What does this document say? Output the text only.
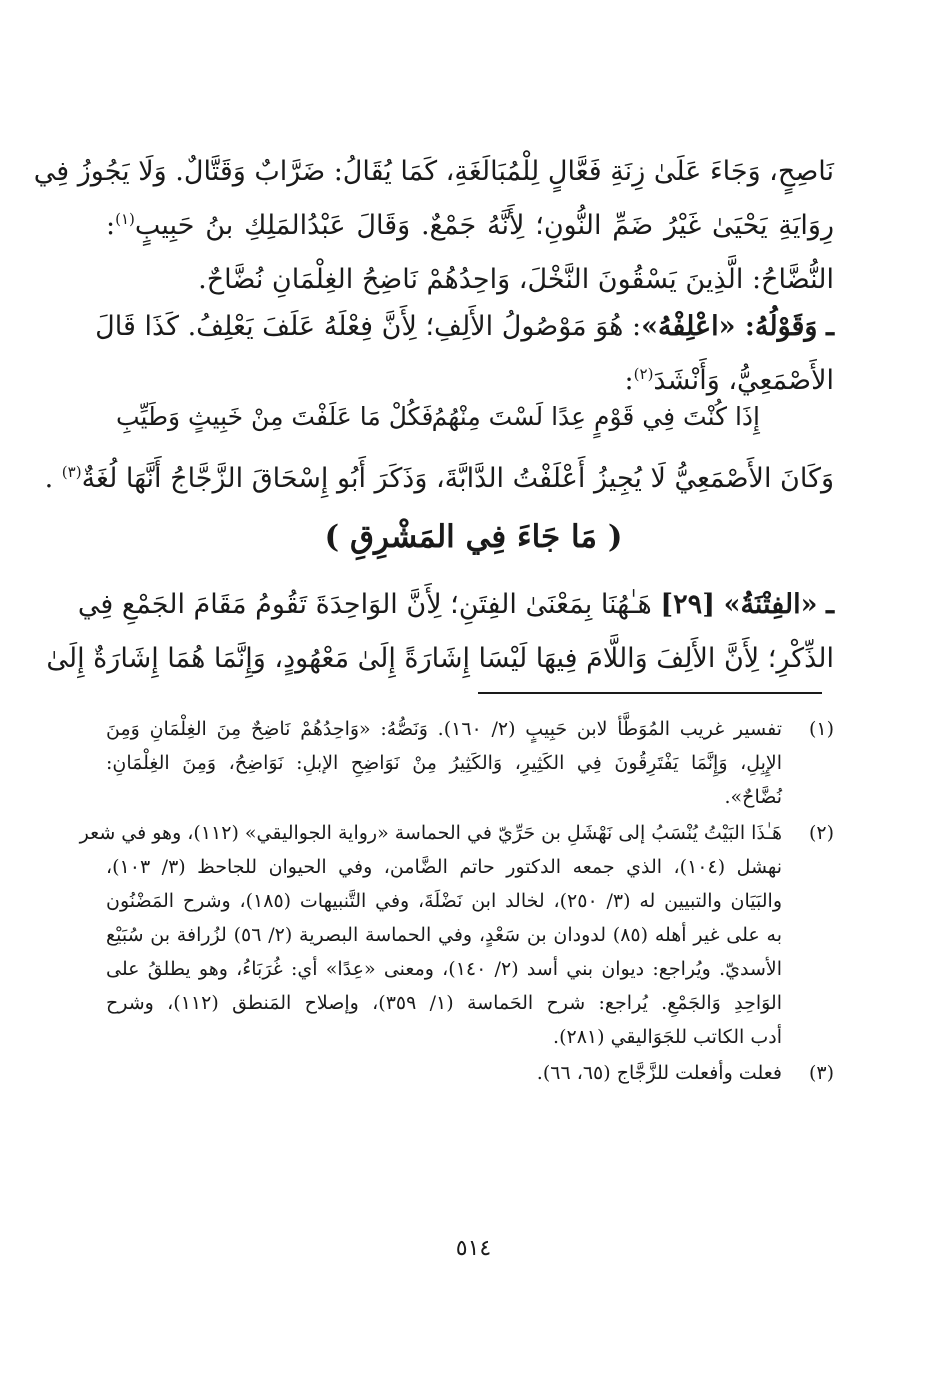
نَاصِحٍ، وَجَاءَ عَلَىٰ زِنَةِ فَعَّالٍ لِلْمُبَالَغَةِ، كَمَا يُقَالُ: ضَرَّابٌ وَقَتَّالٌ. وَلَا يَجُوزُ فِي
رِوَايَةِ يَحْيَىٰ غَيْرُ ضَمِّ النُّونِ؛ لِأَنَّهُ جَمْعٌ. وَقَالَ عَبْدُالمَلِكِ بنُ حَبِيبٍ$^{(١)}$:
النُّضَّاحُ: الَّذِينَ يَسْقُونَ النَّخْلَ، وَاحِدُهُمْ نَاضِحُ الغِلْمَانِ نُضَّاحٌ.
ـ وَقَوْلُهُ: «اعْلِفْهُ»: هُوَ مَوْصُولُ الأَلِفِ؛ لِأَنَّ فِعْلَهُ عَلَفَ يَعْلِفُ. كَذَا قَالَ
الأَصْمَعِيُّ، وَأَنْشَدَ$^{(٢)}$:
إِذَا كُنْتَ فِي قَوْمٍ عِدًا لَسْتَ مِنْهُمُ
فَكُلْ مَا عَلَفْتَ مِنْ خَبِيثٍ وَطَيِّبِ
وَكَانَ الأَصْمَعِيُّ لَا يُجِيزُ أَعْلَفْتُ الدَّابَّةَ، وَذَكَرَ أَبُو إِسْحَاقَ الزَّجَّاجُ أَنَّهَا لُغَةٌ$^{(٣)}$ .
( مَا جَاءَ فِي المَشْرِقِ )
ـ «الفِتْنَةُ» [٢٩] هَـٰهُنَا بِمَعْنَىٰ الفِتَنِ؛ لِأَنَّ الوَاحِدَةَ تَقُومُ مَقَامَ الجَمْعِ فِي
الذِّكْرِ؛ لِأَنَّ الأَلِفَ وَاللَّامَ فِيهَا لَيْسَا إِشَارَةً إِلَىٰ مَعْهُودٍ، وَإِنَّمَا هُمَا إِشَارَةٌ إِلَىٰ
(١)
تفسير غريب المُوَطَّأ لابن حَبِيبٍ (٢/ ١٦٠). وَنَصُّهُ: «وَاحِدُهُمْ نَاضِحٌ مِنَ الغِلْمَانِ وَمِنَ
الإِبِلِ، وَإِنَّمَا يَفْتَرِقُونَ فِي الكَثِيرِ، وَالكَثِيرُ مِنْ نَوَاضِحِ الإبلِ: نَوَاضِحُ، وَمِنَ الغِلْمَانِ:
نُضَّاحٌ».
(٢)
هَـٰذَا البَيْتُ يُنْسَبُ إلى نَهْشَلِ بن حَرِّيّ في الحماسة «رواية الجواليقي» (١١٢)، وهو في شعر
نهشل (١٠٤)، الذي جمعه الدكتور حاتم الضَّامن، وفي الحيوان للجاحظ (٣/ ١٠٣)،
والبَيَان والتبيين له (٣/ ٢٥٠)، لخالد ابن نَضْلَةَ، وفي التَّنبيهات (١٨٥)، وشرح المَضْنُون
به على غير أهله (٨٥) لدودان بن سَعْدٍ، وفي الحماسة البصرية (٢/ ٥٦) لزُرافة بن سُبَيْع
الأسديّ. ويُراجع: ديوان بني أسد (٢/ ١٤٠)، ومعنى «عِدًا» أي: غُرَبَاءُ، وهو يطلقُ على
الوَاحِدِ وَالجَمْعِ. يُراجع: شرح الحَماسة (١/ ٣٥٩)، وإصلاح المَنطق (١١٢)، وشرح
أدب الكاتب للجَوَاليقي (٢٨١).
(٣)
فعلت وأفعلت للزَّجَّاج (٦٥، ٦٦).
٥١٤
